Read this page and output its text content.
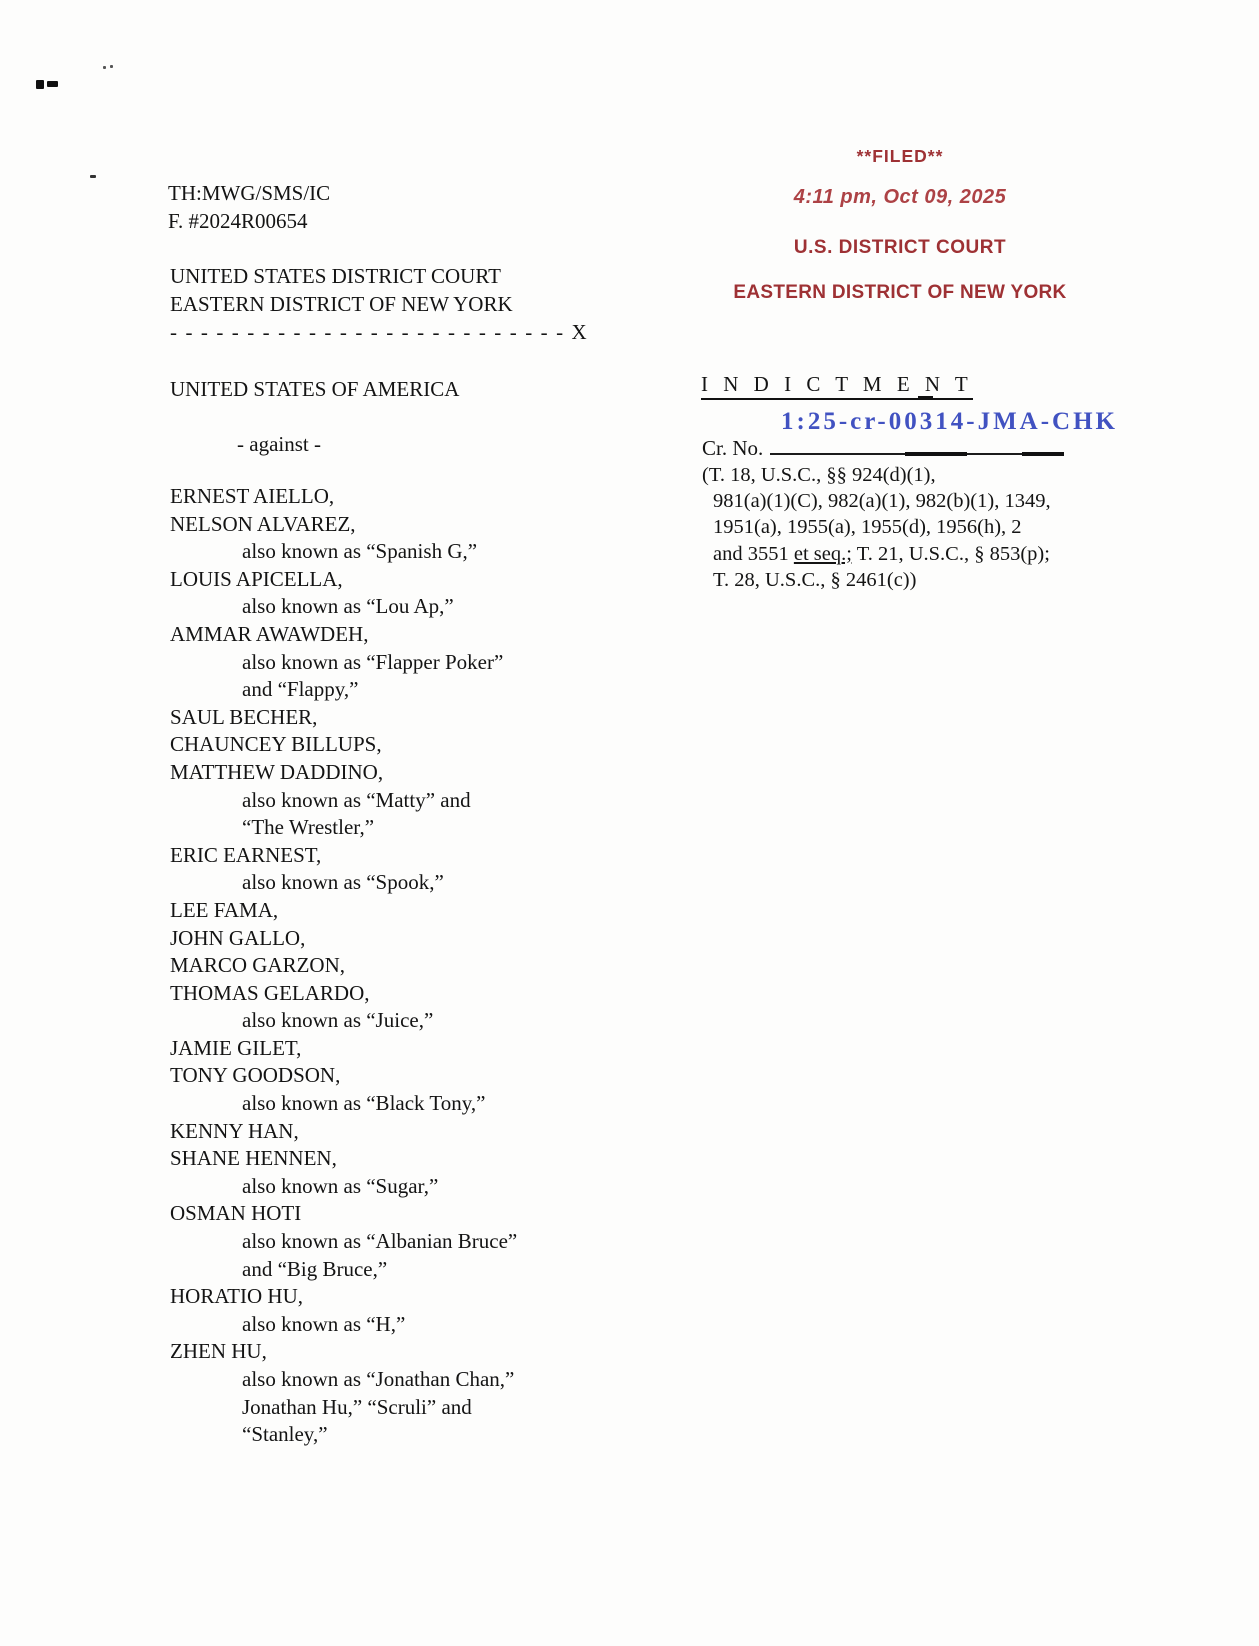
TH:MWG/SMS/IC
F. #2024R00654
UNITED STATES DISTRICT COURT
EASTERN DISTRICT OF NEW YORK
- - - - - - - - - - - - - - - - - - - - - - - - - - X
UNITED STATES OF AMERICA
- against -
ERNEST AIELLO,
NELSON ALVAREZ,
also known as “Spanish G,”
LOUIS APICELLA,
also known as “Lou Ap,”
AMMAR AWAWDEH,
also known as “Flapper Poker”
and “Flappy,”
SAUL BECHER,
CHAUNCEY BILLUPS,
MATTHEW DADDINO,
also known as “Matty” and
“The Wrestler,”
ERIC EARNEST,
also known as “Spook,”
LEE FAMA,
JOHN GALLO,
MARCO GARZON,
THOMAS GELARDO,
also known as “Juice,”
JAMIE GILET,
TONY GOODSON,
also known as “Black Tony,”
KENNY HAN,
SHANE HENNEN,
also known as “Sugar,”
OSMAN HOTI
also known as “Albanian Bruce”
and “Big Bruce,”
HORATIO HU,
also known as “H,”
ZHEN HU,
also known as “Jonathan Chan,”
Jonathan Hu,” “Scruli” and
“Stanley,”
**FILED**
4:11 pm, Oct 09, 2025
U.S. DISTRICT COURT
EASTERN DISTRICT OF NEW YORK
I N D I C T M E N T
1:25-cr-00314-JMA-CHK
Cr. No.
(T. 18, U.S.C., §§ 924(d)(1),
981(a)(1)(C), 982(a)(1), 982(b)(1), 1349,
1951(a), 1955(a), 1955(d), 1956(h), 2
and 3551 et seq.; T. 21, U.S.C., § 853(p);
T. 28, U.S.C., § 2461(c))
